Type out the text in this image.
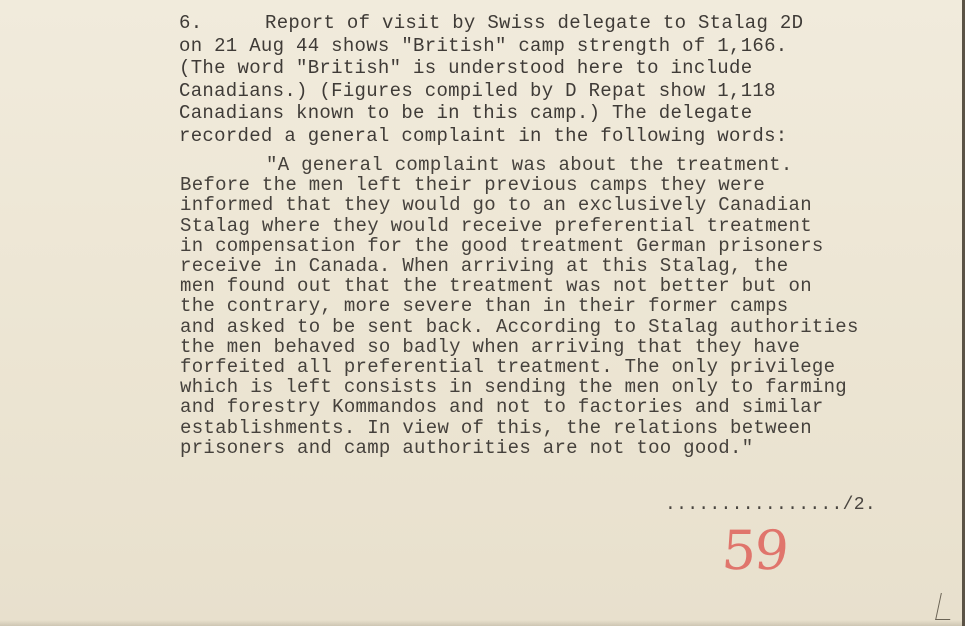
6.	Report of visit by Swiss delegate to Stalag 2D
on 21 Aug 44 shows "British" camp strength of 1,166.
(The word "British" is understood here to include
Canadians.) (Figures compiled by D Repat show 1,118
Canadians known to be in this camp.) The delegate
recorded a general complaint in the following words:
"A general complaint was about the treatment.
Before the men left their previous camps they were
informed that they would go to an exclusively Canadian
Stalag where they would receive preferential treatment
in compensation for the good treatment German prisoners
receive in Canada. When arriving at this Stalag, the
men found out that the treatment was not better but on
the contrary, more severe than in their former camps
and asked to be sent back. According to Stalag authorities
the men behaved so badly when arriving that they have
forfeited all preferential treatment. The only privilege
which is left consists in sending the men only to farming
and forestry Kommandos and not to factories and similar
establishments. In view of this, the relations between
prisoners and camp authorities are not too good."
................/2.
59
